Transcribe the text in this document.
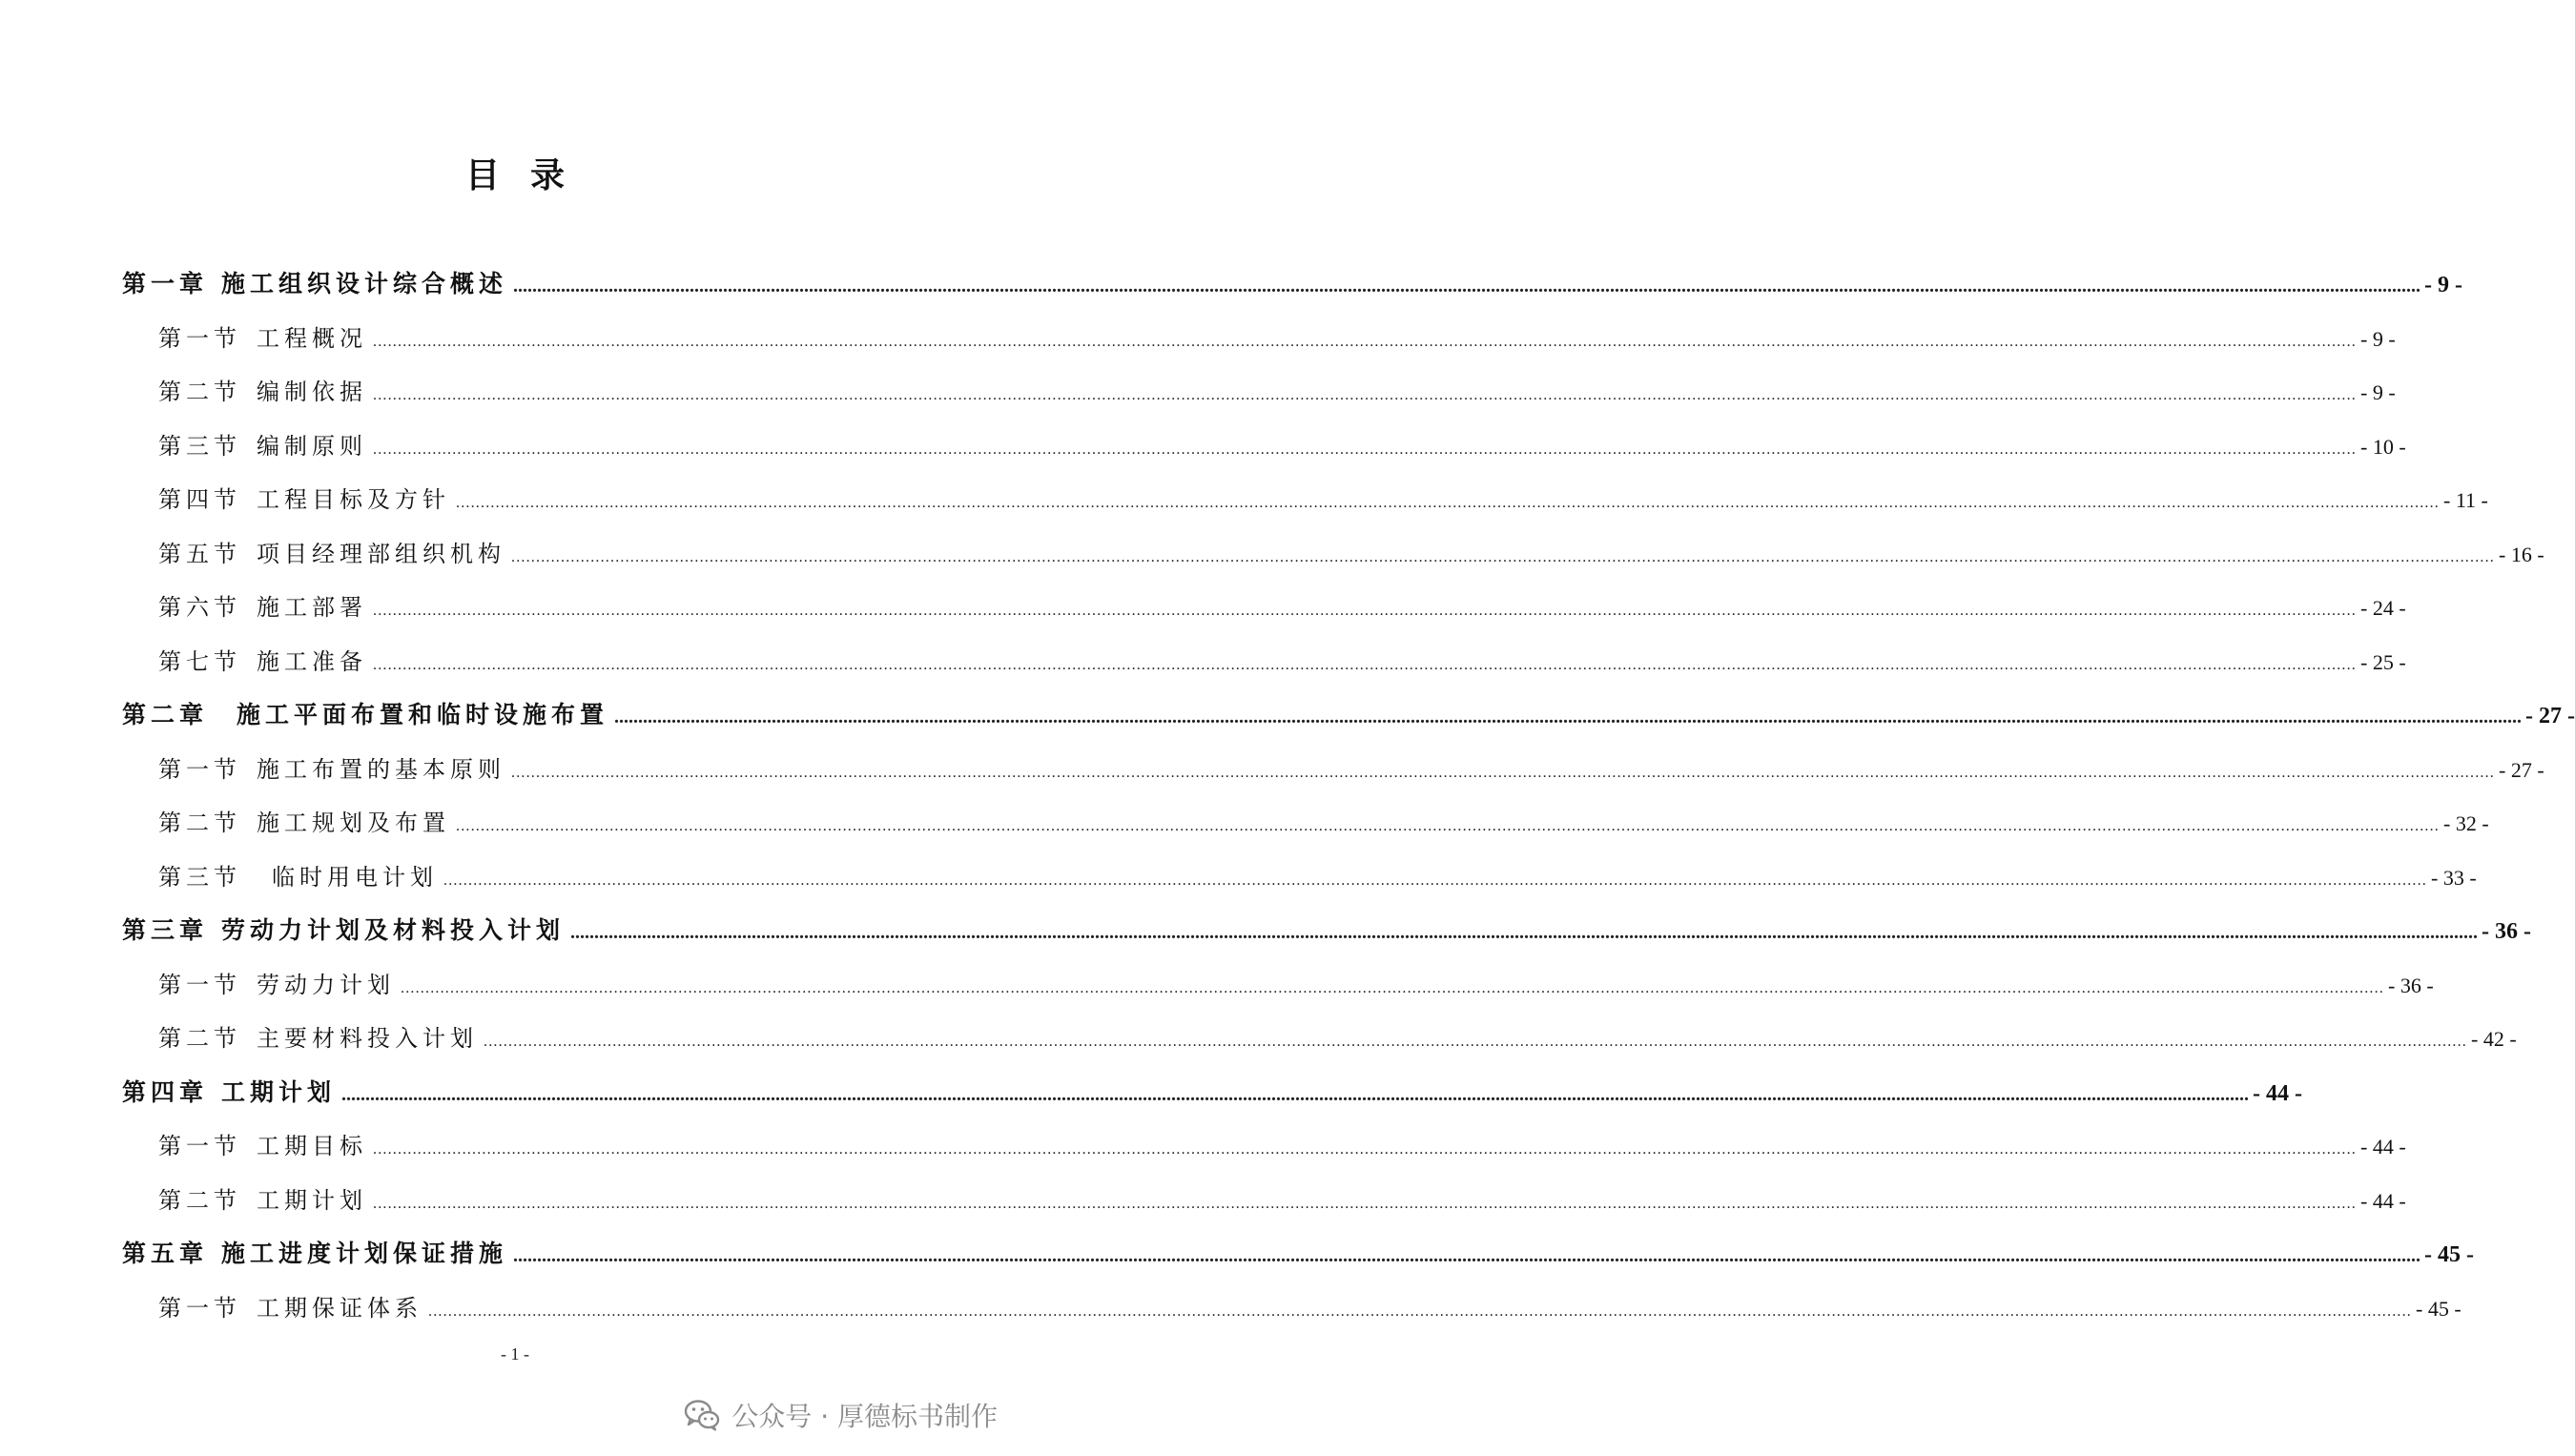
目录
第一章 施工组织设计综合概述 ................................................................................................................................................................................................................................................................................................................................................................................................................ - 9 -
第一节 工程概况 ................................................................................................................................................................................................................................................................................................................................................................................................................ - 9 -
第二节 编制依据 ................................................................................................................................................................................................................................................................................................................................................................................................................ - 9 -
第三节 编制原则 ................................................................................................................................................................................................................................................................................................................................................................................................................ - 10 -
第四节 工程目标及方针 ................................................................................................................................................................................................................................................................................................................................................................................................................ - 11 -
第五节 项目经理部组织机构 ................................................................................................................................................................................................................................................................................................................................................................................................................ - 16 -
第六节 施工部署 ................................................................................................................................................................................................................................................................................................................................................................................................................ - 24 -
第七节 施工准备 ................................................................................................................................................................................................................................................................................................................................................................................................................ - 25 -
第二章 施工平面布置和临时设施布置 ................................................................................................................................................................................................................................................................................................................................................................................................................ - 27 -
第一节 施工布置的基本原则 ................................................................................................................................................................................................................................................................................................................................................................................................................ - 27 -
第二节 施工规划及布置 ................................................................................................................................................................................................................................................................................................................................................................................................................ - 32 -
第三节 临时用电计划 ................................................................................................................................................................................................................................................................................................................................................................................................................ - 33 -
第三章 劳动力计划及材料投入计划 ................................................................................................................................................................................................................................................................................................................................................................................................................ - 36 -
第一节 劳动力计划 ................................................................................................................................................................................................................................................................................................................................................................................................................ - 36 -
第二节 主要材料投入计划 ................................................................................................................................................................................................................................................................................................................................................................................................................ - 42 -
第四章 工期计划 ................................................................................................................................................................................................................................................................................................................................................................................................................ - 44 -
第一节 工期目标 ................................................................................................................................................................................................................................................................................................................................................................................................................ - 44 -
第二节 工期计划 ................................................................................................................................................................................................................................................................................................................................................................................................................ - 44 -
第五章 施工进度计划保证措施 ................................................................................................................................................................................................................................................................................................................................................................................................................ - 45 -
第一节 工期保证体系 ................................................................................................................................................................................................................................................................................................................................................................................................................ - 45 -
- 1 -
公众号 · 厚德标书制作
